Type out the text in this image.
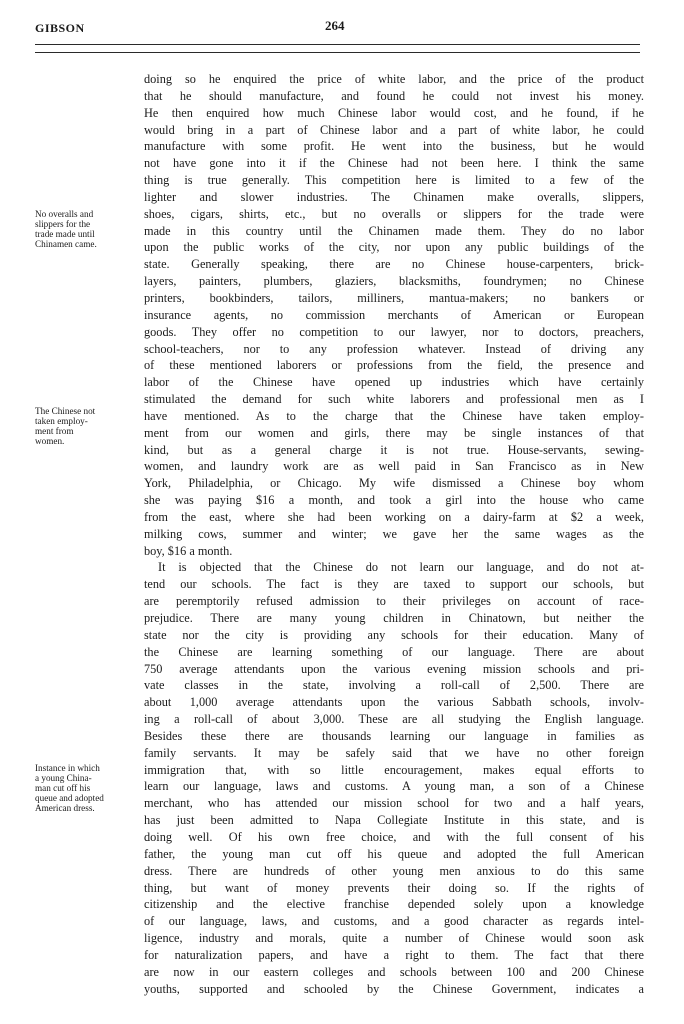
GIBSON	264
No overalls and
slippers for the
trade made until
Chinamen came.
The Chinese not
taken employ-
ment from
women.
Instance in which
a young China-
man cut off his
queue and adopted
American dress.
doing so he enquired the price of white labor, and the price of the product
that he should manufacture, and found he could not invest his money.
He then enquired how much Chinese labor would cost, and he found, if he
would bring in a part of Chinese labor and a part of white labor, he could
manufacture with some profit. He went into the business, but he would
not have gone into it if the Chinese had not been here. I think the same
thing is true generally. This competition here is limited to a few of the
lighter and slower industries. The Chinamen make overalls, slippers,
shoes, cigars, shirts, etc., but no overalls or slippers for the trade were
made in this country until the Chinamen made them. They do no labor
upon the public works of the city, nor upon any public buildings of the
state. Generally speaking, there are no Chinese house-carpenters, brick-
layers, painters, plumbers, glaziers, blacksmiths, foundrymen; no Chinese
printers, bookbinders, tailors, milliners, mantua-makers; no bankers or
insurance agents, no commission merchants of American or European
goods. They offer no competition to our lawyer, nor to doctors, preachers,
school-teachers, nor to any profession whatever. Instead of driving any
of these mentioned laborers or professions from the field, the presence and
labor of the Chinese have opened up industries which have certainly
stimulated the demand for such white laborers and professional men as I
have mentioned. As to the charge that the Chinese have taken employ-
ment from our women and girls, there may be single instances of that
kind, but as a general charge it is not true. House-servants, sewing-
women, and laundry work are as well paid in San Francisco as in New
York, Philadelphia, or Chicago. My wife dismissed a Chinese boy whom
she was paying $16 a month, and took a girl into the house who came
from the east, where she had been working on a dairy-farm at $2 a week,
milking cows, summer and winter; we gave her the same wages as the
boy, $16 a month.
It is objected that the Chinese do not learn our language, and do not at-
tend our schools. The fact is they are taxed to support our schools, but
are peremptorily refused admission to their privileges on account of race-
prejudice. There are many young children in Chinatown, but neither the
state nor the city is providing any schools for their education. Many of
the Chinese are learning something of our language. There are about
750 average attendants upon the various evening mission schools and pri-
vate classes in the state, involving a roll-call of 2,500. There are
about 1,000 average attendants upon the various Sabbath schools, involv-
ing a roll-call of about 3,000. These are all studying the English language.
Besides these there are thousands learning our language in families as
family servants. It may be safely said that we have no other foreign
immigration that, with so little encouragement, makes equal efforts to
learn our language, laws and customs. A young man, a son of a Chinese
merchant, who has attended our mission school for two and a half years,
has just been admitted to Napa Collegiate Institute in this state, and is
doing well. Of his own free choice, and with the full consent of his
father, the young man cut off his queue and adopted the full American
dress. There are hundreds of other young men anxious to do this same
thing, but want of money prevents their doing so. If the rights of
citizenship and the elective franchise depended solely upon a knowledge
of our language, laws, and customs, and a good character as regards intel-
ligence, industry and morals, quite a number of Chinese would soon ask
for naturalization papers, and have a right to them. The fact that there
are now in our eastern colleges and schools between 100 and 200 Chinese
youths, supported and schooled by the Chinese Government, indicates a
